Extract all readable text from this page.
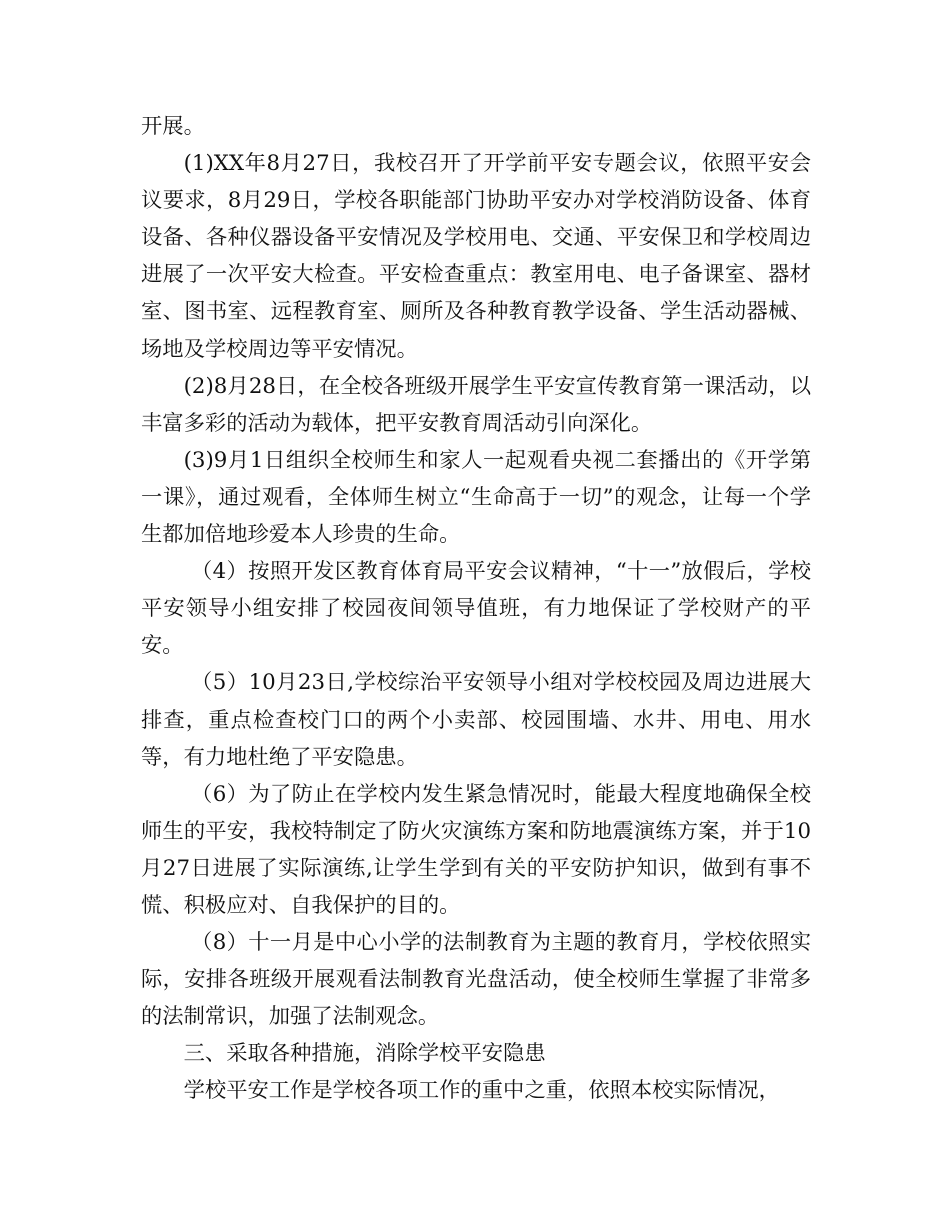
开展。

(1)XX年8月27日，我校召开了开学前平安专题会议，依照平安会议要求，8月29日，学校各职能部门协助平安办对学校消防设备、体育设备、各种仪器设备平安情况及学校用电、交通、平安保卫和学校周边进展了一次平安大检查。平安检查重点：教室用电、电子备课室、器材室、图书室、远程教育室、厕所及各种教育教学设备、学生活动器械、场地及学校周边等平安情况。

(2)8月28日，在全校各班级开展学生平安宣传教育第一课活动，以丰富多彩的活动为载体，把平安教育周活动引向深化。

(3)9月1日组织全校师生和家人一起观看央视二套播出的《开学第一课》，通过观看，全体师生树立“生命高于一切”的观念，让每一个学生都加倍地珍爱本人珍贵的生命。

（4）按照开发区教育体育局平安会议精神，“十一”放假后，学校平安领导小组安排了校园夜间领导值班，有力地保证了学校财产的平安。

（5）10月23日,学校综治平安领导小组对学校校园及周边进展大排查，重点检查校门口的两个小卖部、校园围墙、水井、用电、用水等，有力地杜绝了平安隐患。

（6）为了防止在学校内发生紧急情况时，能最大程度地确保全校师生的平安，我校特制定了防火灾演练方案和防地震演练方案，并于10月27日进展了实际演练,让学生学到有关的平安防护知识，做到有事不慌、积极应对、自我保护的目的。

（8）十一月是中心小学的法制教育为主题的教育月，学校依照实际，安排各班级开展观看法制教育光盘活动，使全校师生掌握了非常多的法制常识，加强了法制观念。

三、采取各种措施，消除学校平安隐患

学校平安工作是学校各项工作的重中之重，依照本校实际情况，
